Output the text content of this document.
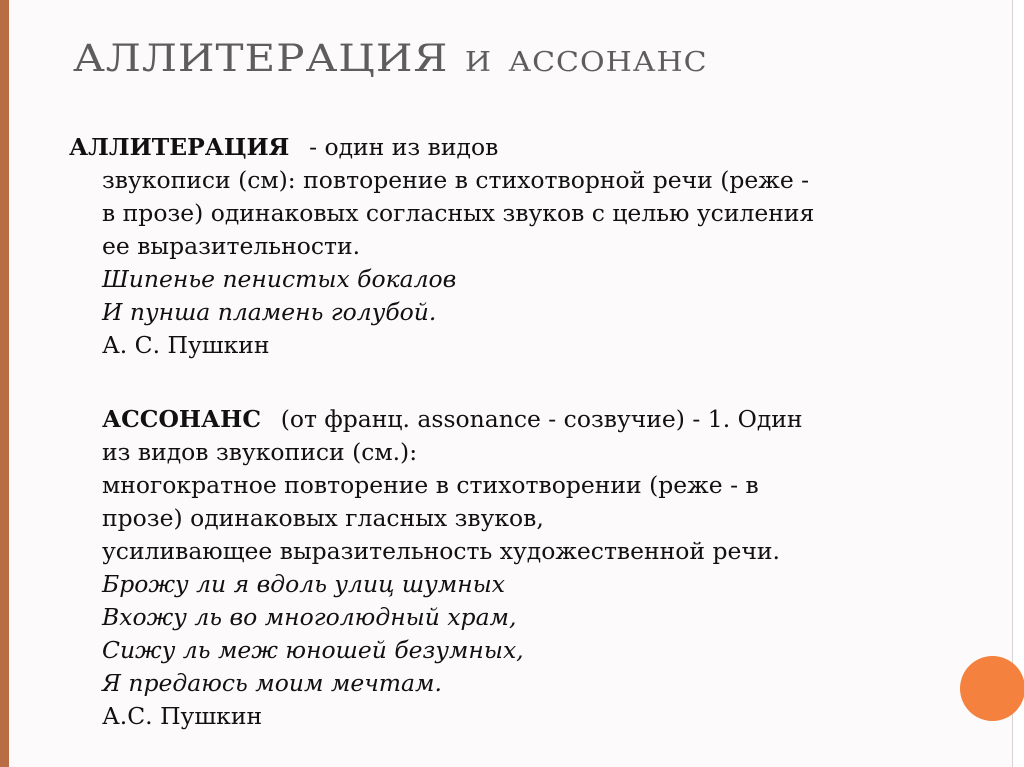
АЛЛИТЕРАЦИЯ И АССОНАНС
АЛЛИТЕРАЦИЯ - один из видов
звукописи (см): повторение в стихотворной речи (реже -
в прозе) одинаковых согласных звуков с целью усиления
ее выразительности.
Шипенье пенистых бокалов
И пунша пламень голубой.
А. С. Пушкин
АССОНАНС (от франц. assonance - созвучие) - 1. Один
из видов звукописи (см.):
многократное повторение в стихотворении (реже - в
прозе) одинаковых гласных звуков,
усиливающее выразительность художественной речи.
Брожу ли я вдоль улиц шумных
Вхожу ль во многолюдный храм,
Сижу ль меж юношей безумных,
Я предаюсь моим мечтам.
А.С. Пушкин
